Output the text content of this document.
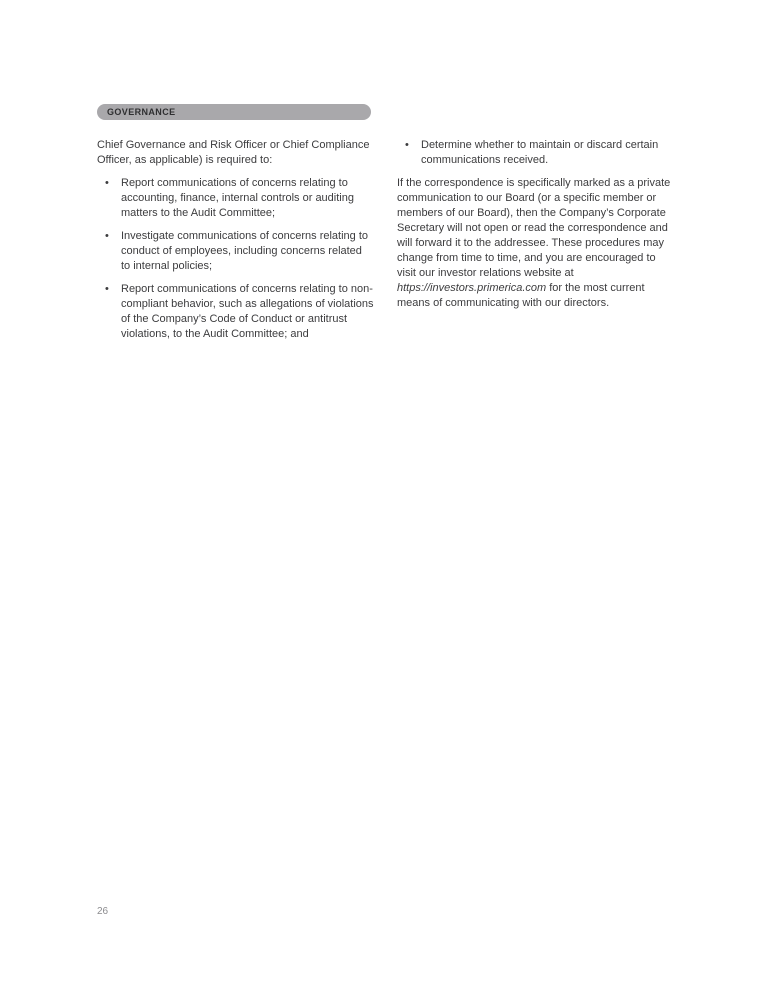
GOVERNANCE

Chief Governance and Risk Officer or Chief Compliance Officer, as applicable) is required to:

•	Report communications of concerns relating to accounting, finance, internal controls or auditing matters to the Audit Committee;
•	Investigate communications of concerns relating to conduct of employees, including concerns related to internal policies;
•	Report communications of concerns relating to non-compliant behavior, such as allegations of violations of the Company’s Code of Conduct or antitrust violations, to the Audit Committee; and
•	Determine whether to maintain or discard certain communications received.

If the correspondence is specifically marked as a private communication to our Board (or a specific member or members of our Board), then the Company’s Corporate Secretary will not open or read the correspondence and will forward it to the addressee. These procedures may change from time to time, and you are encouraged to visit our investor relations website at https://investors.primerica.com for the most current means of communicating with our directors.

26
